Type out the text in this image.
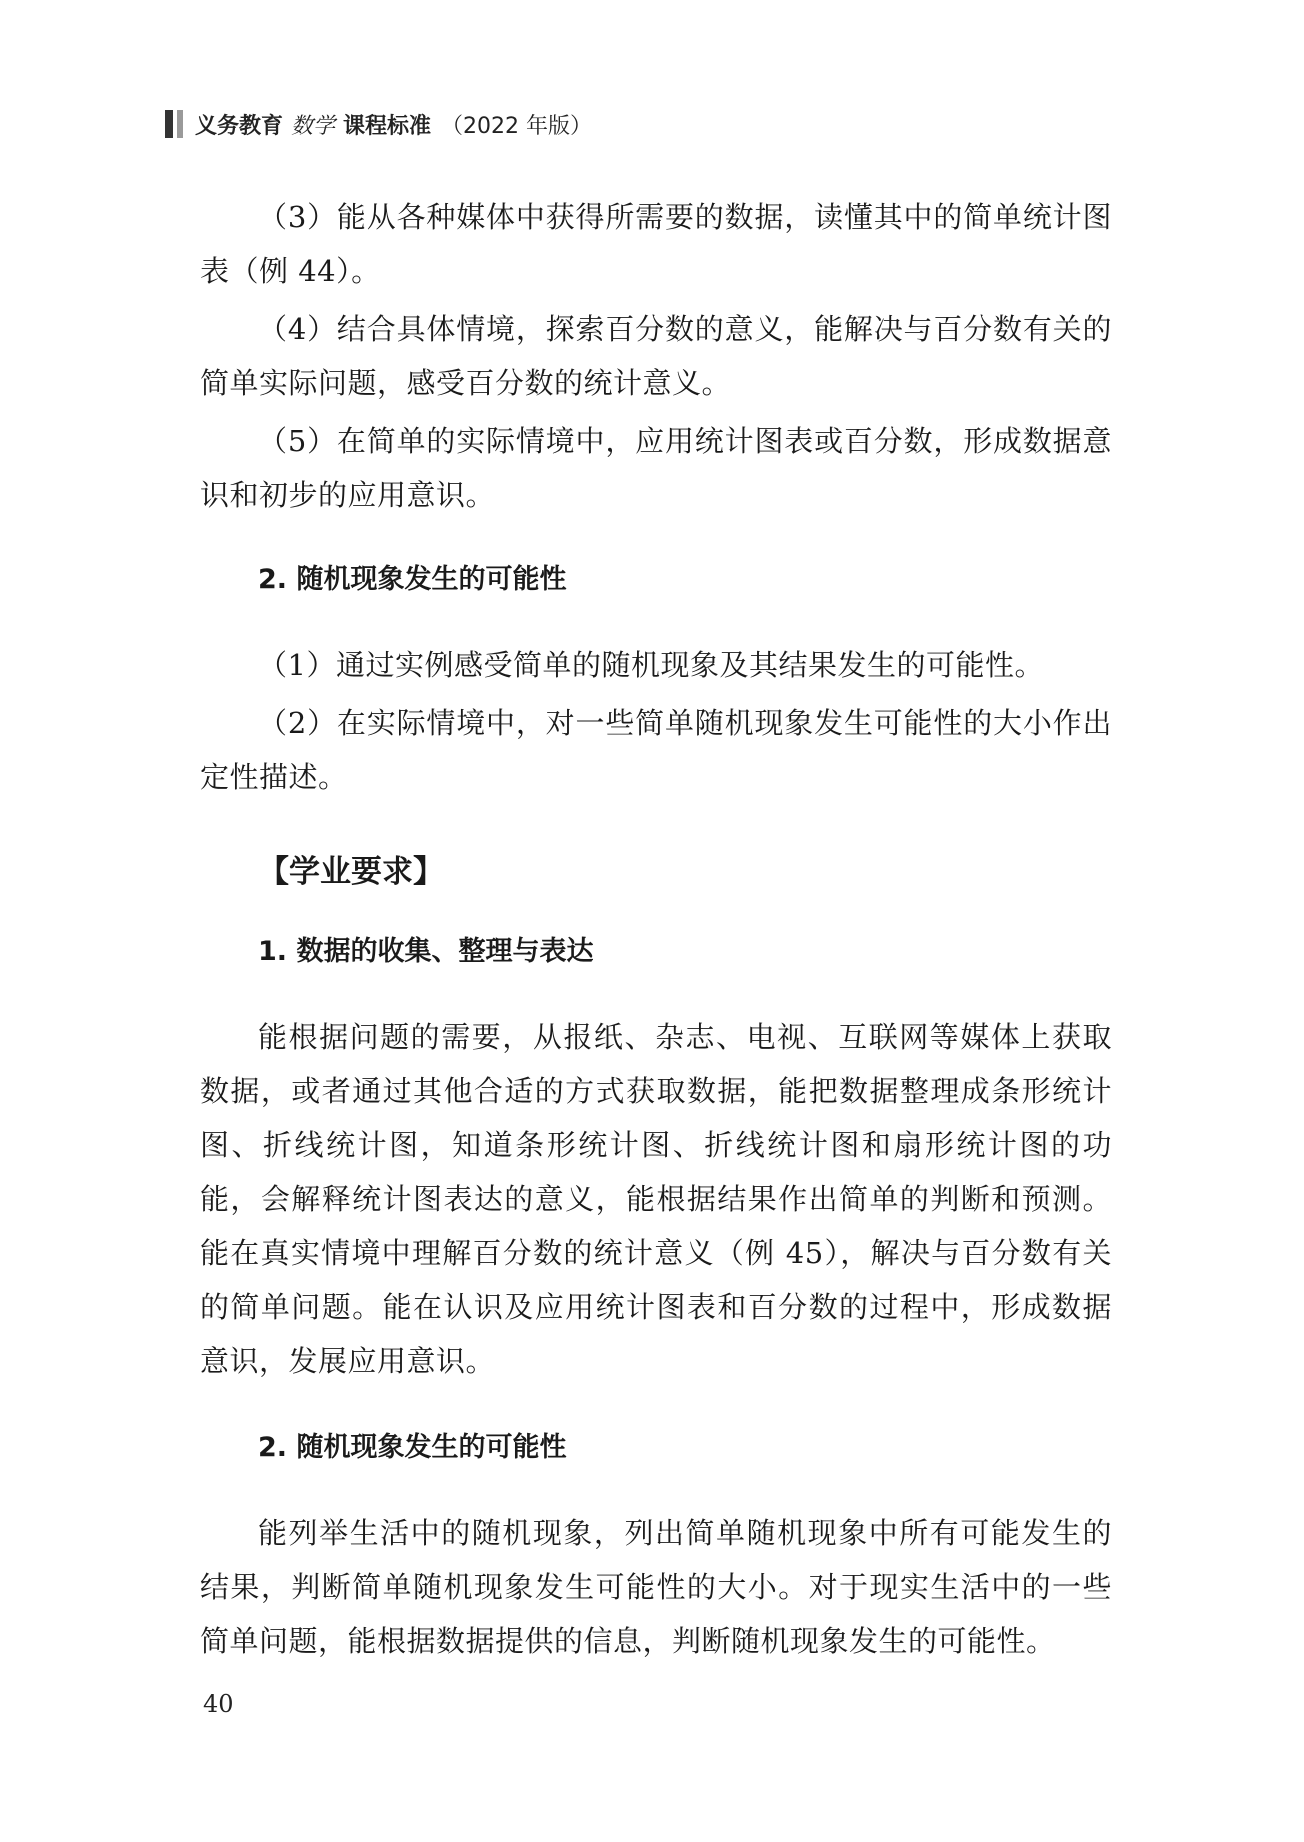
义务教育 数学 课程标准 （2022 年版）

（3）能从各种媒体中获得所需要的数据，读懂其中的简单统计图表（例 44）。

（4）结合具体情境，探索百分数的意义，能解决与百分数有关的简单实际问题，感受百分数的统计意义。

（5）在简单的实际情境中，应用统计图表或百分数，形成数据意识和初步的应用意识。

2. 随机现象发生的可能性

（1）通过实例感受简单的随机现象及其结果发生的可能性。

（2）在实际情境中，对一些简单随机现象发生可能性的大小作出定性描述。

【学业要求】
1. 数据的收集、整理与表达

能根据问题的需要，从报纸、杂志、电视、互联网等媒体上获取数据，或者通过其他合适的方式获取数据，能把数据整理成条形统计图、折线统计图，知道条形统计图、折线统计图和扇形统计图的功能，会解释统计图表达的意义，能根据结果作出简单的判断和预测。能在真实情境中理解百分数的统计意义（例 45），解决与百分数有关的简单问题。能在认识及应用统计图表和百分数的过程中，形成数据意识，发展应用意识。

2. 随机现象发生的可能性

能列举生活中的随机现象，列出简单随机现象中所有可能发生的结果，判断简单随机现象发生可能性的大小。对于现实生活中的一些简单问题，能根据数据提供的信息，判断随机现象发生的可能性。

40
